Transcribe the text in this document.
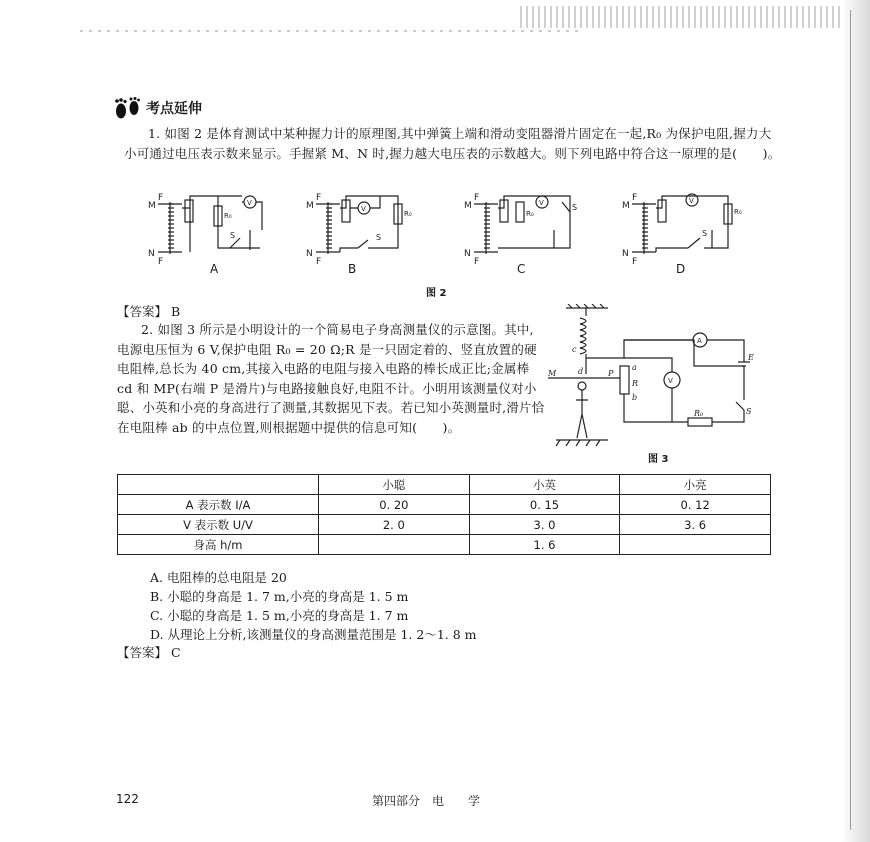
考点延伸
1. 如图 2 是体育测试中某种握力计的原理图,其中弹簧上端和滑动变阻器滑片固定在一起,R₀ 为保护电阻,握力大小可通过电压表示数来显示。手握紧 M、N 时,握力越大电压表的示数越大。则下列电路中符合这一原理的是(　　)。
M
N
F
F
V
R₀
S
M
N
F
F
V
R₀
S
M
N
F
F
V
R₀
S	M
N
F
F
V
R₀
S
A	B	C	D
图 2
【答案】 B
2. 如图 3 所示是小明设计的一个简易电子身高测量仪的示意图。其中,电源电压恒为 6 V,保护电阻 R₀ = 20 Ω;R 是一只固定着的、竖直放置的硬电阻棒,总长为 40 cm,其接入电路的电阻与接入电路的棒长成正比;金属棒 cd 和 MP(右端 P 是滑片)与电路接触良好,电阻不计。小明用该测量仪对小聪、小英和小亮的身高进行了测量,其数据见下表。若已知小英测量时,滑片恰在电阻棒 ab 的中点位置,则根据题中提供的信息可知(　　)。
A
V
c
d
M	P
a
R
b
E
S
R₀
图 3
	小聪	小英	小亮
A 表示数 I/A	0. 20	0. 15	0. 12
V 表示数 U/V	2. 0	3. 0	3. 6
身高 h/m		1. 6	
A. 电阻棒的总电阻是 20
B. 小聪的身高是 1. 7 m,小亮的身高是 1. 5 m
C. 小聪的身高是 1. 5 m,小亮的身高是 1. 7 m
D. 从理论上分析,该测量仪的身高测量范围是 1. 2～1. 8 m
【答案】 C
122	第四部分　电　　学
